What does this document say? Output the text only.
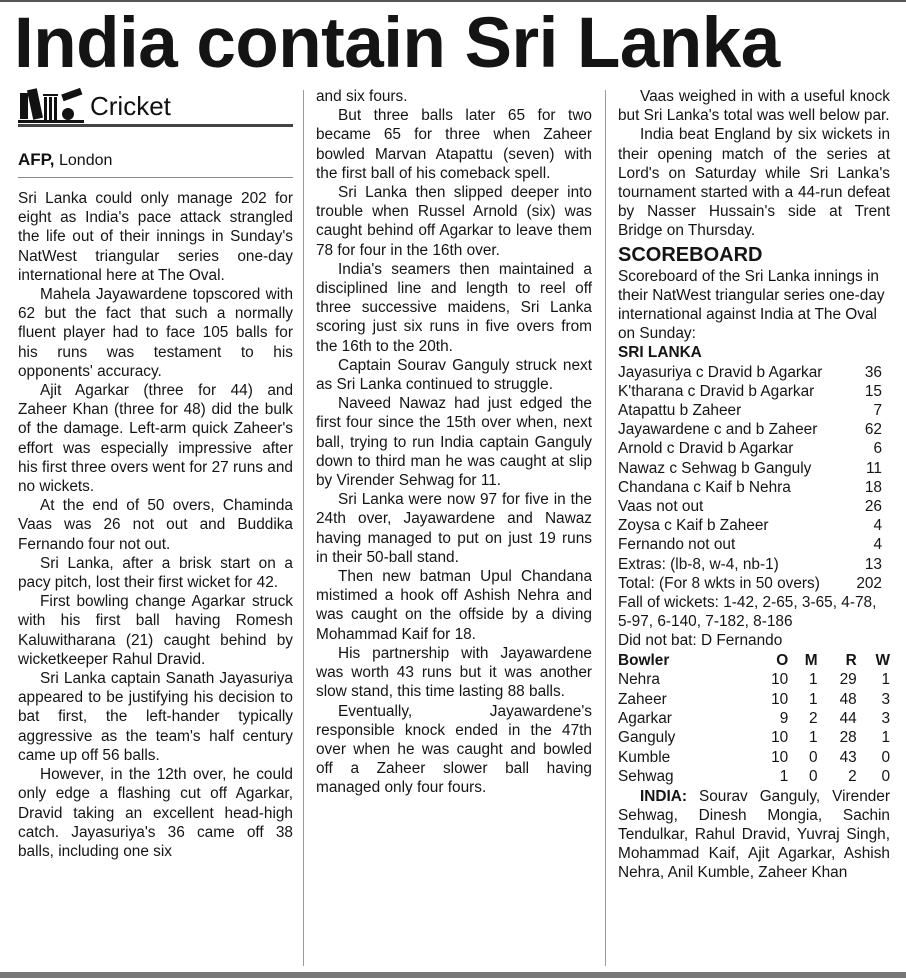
India contain Sri Lanka
Cricket
AFP, London

Sri Lanka could only manage 202 for eight as India's pace attack strangled the life out of their innings in Sunday's NatWest triangular series one-day international here at The Oval.

Mahela Jayawardene topscored with 62 but the fact that such a normally fluent player had to face 105 balls for his runs was testament to his opponents' accuracy.

Ajit Agarkar (three for 44) and Zaheer Khan (three for 48) did the bulk of the damage. Left-arm quick Zaheer's effort was especially impressive after his first three overs went for 27 runs and no wickets.

At the end of 50 overs, Chaminda Vaas was 26 not out and Buddika Fernando four not out.

Sri Lanka, after a brisk start on a pacy pitch, lost their first wicket for 42.

First bowling change Agarkar struck with his first ball having Romesh Kaluwitharana (21) caught behind by wicketkeeper Rahul Dravid.

Sri Lanka captain Sanath Jayasuriya appeared to be justifying his decision to bat first, the left-hander typically aggressive as the team's half century came up off 56 balls.

However, in the 12th over, he could only edge a flashing cut off Agarkar, Dravid taking an excellent head-high catch. Jayasuriya's 36 came off 38 balls, including one six

and six fours.

But three balls later 65 for two became 65 for three when Zaheer bowled Marvan Atapattu (seven) with the first ball of his comeback spell.

Sri Lanka then slipped deeper into trouble when Russel Arnold (six) was caught behind off Agarkar to leave them 78 for four in the 16th over.

India's seamers then maintained a disciplined line and length to reel off three successive maidens, Sri Lanka scoring just six runs in five overs from the 16th to the 20th.

Captain Sourav Ganguly struck next as Sri Lanka continued to struggle.

Naveed Nawaz had just edged the first four since the 15th over when, next ball, trying to run India captain Ganguly down to third man he was caught at slip by Virender Sehwag for 11.

Sri Lanka were now 97 for five in the 24th over, Jayawardene and Nawaz having managed to put on just 19 runs in their 50-ball stand.

Then new batman Upul Chandana mistimed a hook off Ashish Nehra and was caught on the offside by a diving Mohammad Kaif for 18.

His partnership with Jayawardene was worth 43 runs but it was another slow stand, this time lasting 88 balls.

Eventually, Jayawardene's responsible knock ended in the 47th over when he was caught and bowled off a Zaheer slower ball having managed only four fours.

Vaas weighed in with a useful knock but Sri Lanka's total was well below par.

India beat England by six wickets in their opening match of the series at Lord's on Saturday while Sri Lanka's tournament started with a 44-run defeat by Nasser Hussain's side at Trent Bridge on Thursday.

SCOREBOARD

Scoreboard of the Sri Lanka innings in their NatWest triangular series one-day international against India at The Oval on Sunday:

SRI LANKA
Jayasuriya c Dravid b Agarkar	36
K'tharana c Dravid b Agarkar	15
Atapattu b Zaheer	7
Jayawardene c and b Zaheer	62
Arnold c Dravid b Agarkar	6
Nawaz c Sehwag b Ganguly	11
Chandana c Kaif b Nehra	18
Vaas not out	26
Zoysa c Kaif b Zaheer	4
Fernando not out	4
Extras: (lb-8, w-4, nb-1)	13
Total: (For 8 wkts in 50 overs) 202

Fall of wickets: 1-42, 2-65, 3-65, 4-78, 5-97, 6-140, 7-182, 8-186

Did not bat: D Fernando

Bowler	O	M	R	W
Nehra	10	1	29	1
Zaheer	10	1	48	3
Agarkar	9	2	44	3
Ganguly	10	1	28	1
Kumble	10	0	43	0
Sehwag	1	0	2	0

INDIA: Sourav Ganguly, Virender Sehwag, Dinesh Mongia, Sachin Tendulkar, Rahul Dravid, Yuvraj Singh, Mohammad Kaif, Ajit Agarkar, Ashish Nehra, Anil Kumble, Zaheer Khan
